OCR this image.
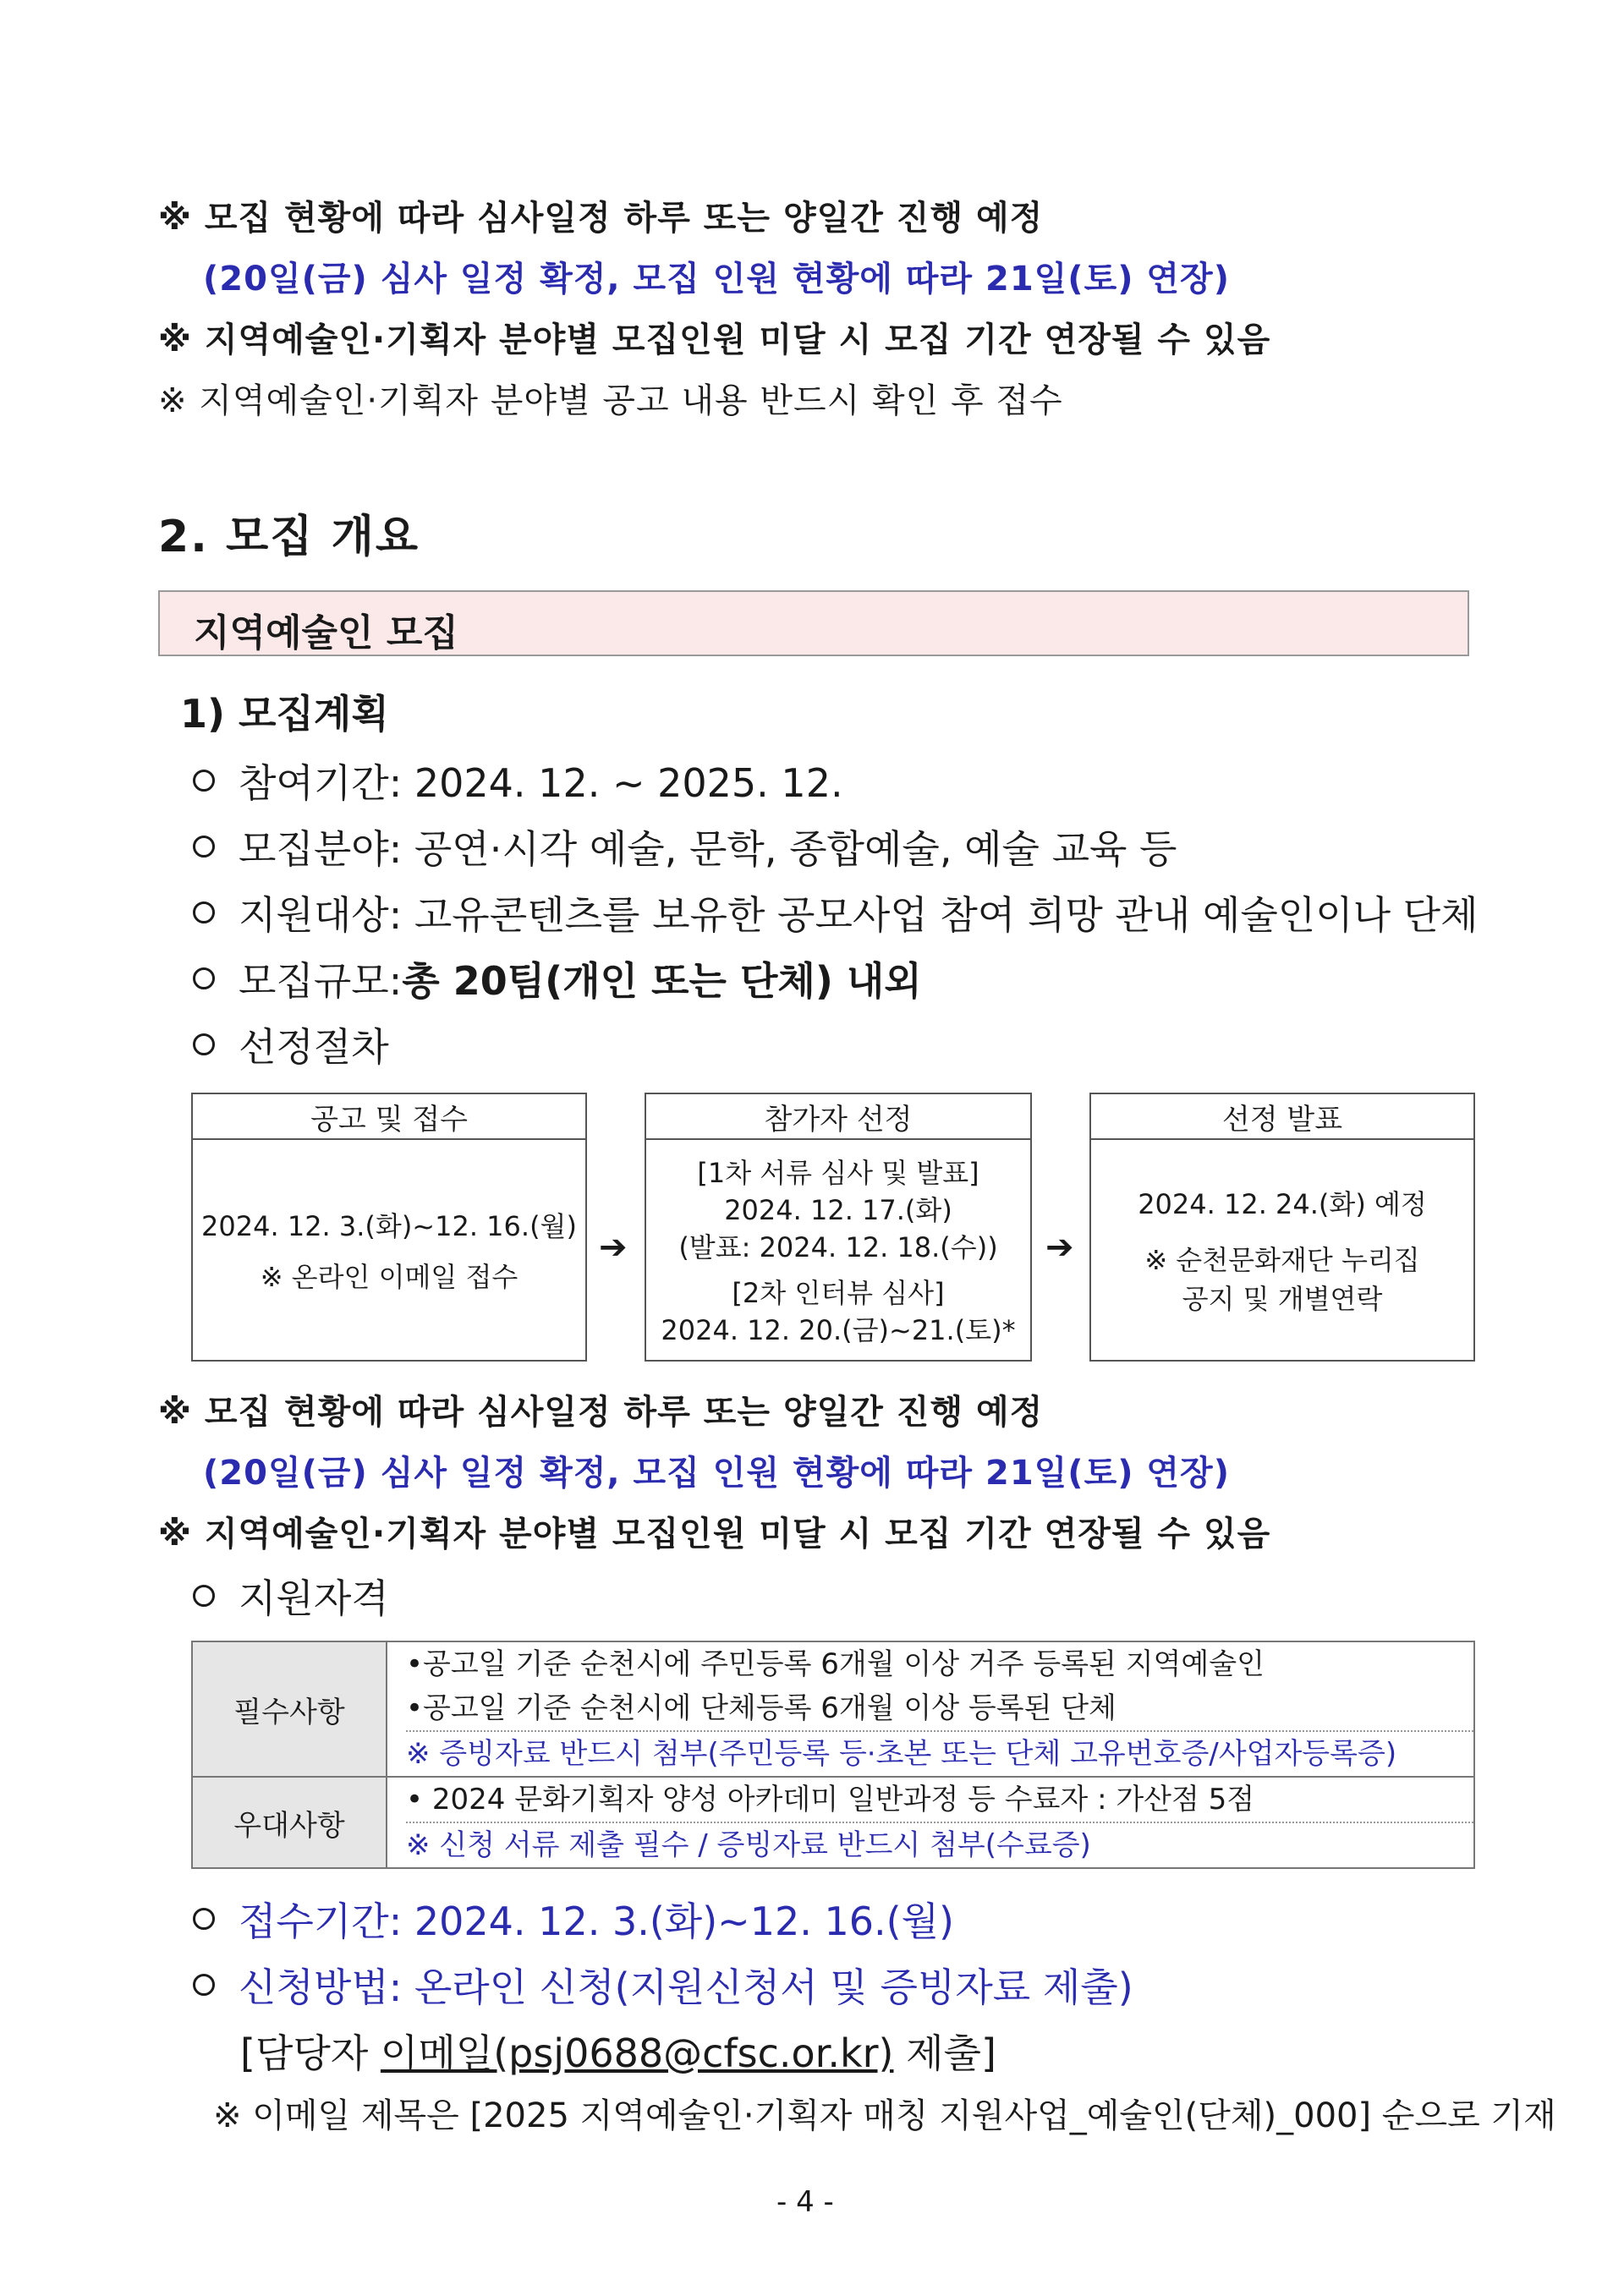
※ 모집 현황에 따라 심사일정 하루 또는 양일간 진행 예정
(20일(금) 심사 일정 확정, 모집 인원 현황에 따라 21일(토) 연장)
※ 지역예술인·기획자 분야별 모집인원 미달 시 모집 기간 연장될 수 있음
※ 지역예술인·기획자 분야별 공고 내용 반드시 확인 후 접수
2. 모집 개요
지역예술인 모집
1) 모집계획
참여기간: 2024. 12. ~ 2025. 12.
모집분야: 공연·시각 예술, 문학, 종합예술, 예술 교육 등
지원대상: 고유콘텐츠를 보유한 공모사업 참여 희망 관내 예술인이나 단체
모집규모: 총 20팀(개인 또는 단체) 내외
선정절차
공고 및 접수
2024. 12. 3.(화)~12. 16.(월)
※ 온라인 이메일 접수
➔
참가자 선정
[1차 서류 심사 및 발표]
2024. 12. 17.(화)
(발표: 2024. 12. 18.(수))
[2차 인터뷰 심사]
2024. 12. 20.(금)~21.(토)*
➔
선정 발표
2024. 12. 24.(화) 예정
※ 순천문화재단 누리집
공지 및 개별연락
※ 모집 현황에 따라 심사일정 하루 또는 양일간 진행 예정
(20일(금) 심사 일정 확정, 모집 인원 현황에 따라 21일(토) 연장)
※ 지역예술인·기획자 분야별 모집인원 미달 시 모집 기간 연장될 수 있음
지원자격
필수사항	•공고일 기준 순천시에 주민등록 6개월 이상 거주 등록된 지역예술인
•공고일 기준 순천시에 단체등록 6개월 이상 등록된 단체
※ 증빙자료 반드시 첨부(주민등록 등·초본 또는 단체 고유번호증/사업자등록증)

우대사항	• 2024 문화기획자 양성 아카데미 일반과정 등 수료자 : 가산점 5점
※ 신청 서류 제출 필수 / 증빙자료 반드시 첨부(수료증)
접수기간: 2024. 12. 3.(화)~12. 16.(월)
신청방법: 온라인 신청(지원신청서 및 증빙자료 제출)
[담당자 이메일(psj0688@cfsc.or.kr) 제출]
※ 이메일 제목은 [2025 지역예술인·기획자 매칭 지원사업_예술인(단체)_000] 순으로 기재
- 4 -
